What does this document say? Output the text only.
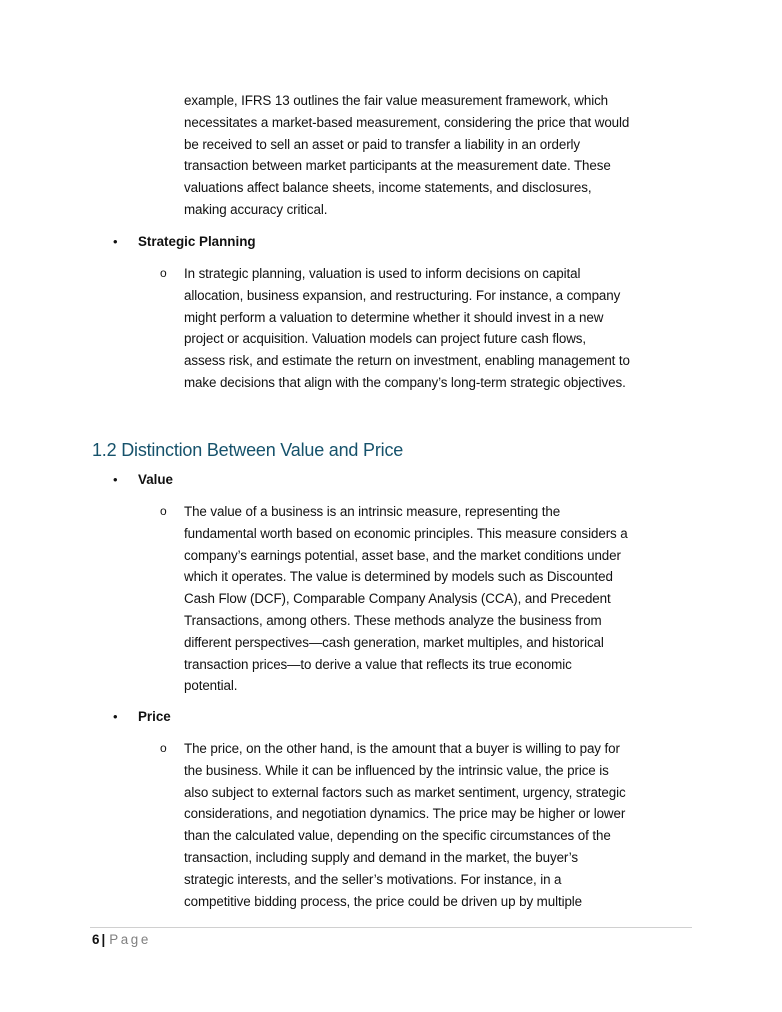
example, IFRS 13 outlines the fair value measurement framework, which
necessitates a market-based measurement, considering the price that would
be received to sell an asset or paid to transfer a liability in an orderly
transaction between market participants at the measurement date. These
valuations affect balance sheets, income statements, and disclosures,
making accuracy critical.
• Strategic Planning
o In strategic planning, valuation is used to inform decisions on capital
allocation, business expansion, and restructuring. For instance, a company
might perform a valuation to determine whether it should invest in a new
project or acquisition. Valuation models can project future cash flows,
assess risk, and estimate the return on investment, enabling management to
make decisions that align with the company’s long-term strategic objectives.
1.2 Distinction Between Value and Price
• Value
o The value of a business is an intrinsic measure, representing the
fundamental worth based on economic principles. This measure considers a
company’s earnings potential, asset base, and the market conditions under
which it operates. The value is determined by models such as Discounted
Cash Flow (DCF), Comparable Company Analysis (CCA), and Precedent
Transactions, among others. These methods analyze the business from
different perspectives—cash generation, market multiples, and historical
transaction prices—to derive a value that reflects its true economic
potential.
• Price
o The price, on the other hand, is the amount that a buyer is willing to pay for
the business. While it can be influenced by the intrinsic value, the price is
also subject to external factors such as market sentiment, urgency, strategic
considerations, and negotiation dynamics. The price may be higher or lower
than the calculated value, depending on the specific circumstances of the
transaction, including supply and demand in the market, the buyer’s
strategic interests, and the seller’s motivations. For instance, in a
competitive bidding process, the price could be driven up by multiple
6 | Page
